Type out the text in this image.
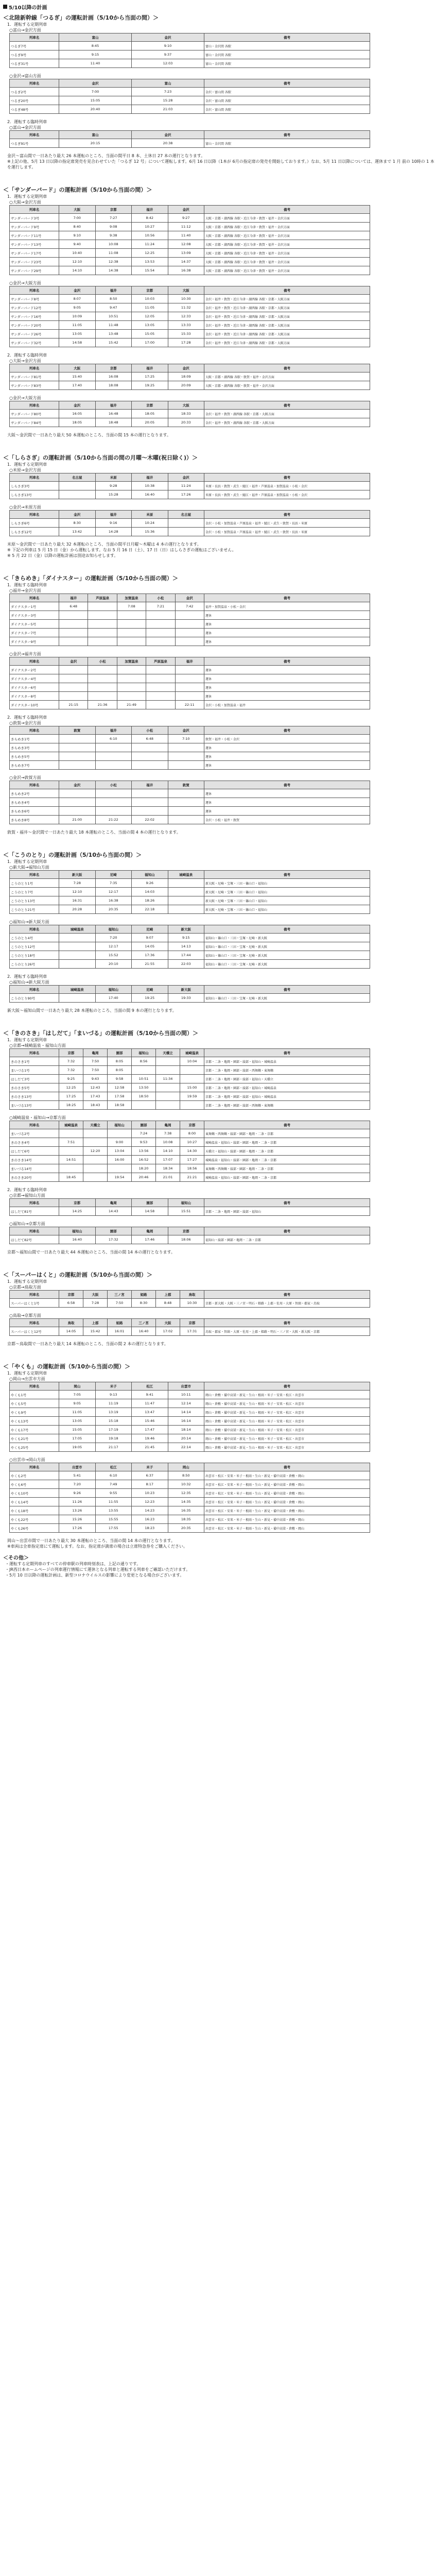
5/10以降の計画
＜北陸新幹線「つるぎ」の運転計画（5/10から当面の間）＞
1．運転する定期列車
○富山→金沢方面
列車名	富山	金沢	備考
つるぎ7号	8:45	9:10	富山・金沢間 各駅
つるぎ9号	9:15	9:37	富山・金沢間 各駅
つるぎ31号	11:40	12:03	富山・金沢間 各駅
○金沢→富山方面
列車名	金沢	富山	備考
つるぎ2号	7:00	7:23	金沢・富山間 各駅
つるぎ20号	15:05	15:28	金沢・富山間 各駅
つるぎ48号	20:40	21:03	金沢・富山間 各駅
2．運転する臨時列車
○富山→金沢方面
列車名	富山	金沢	備考
つるぎ91号	20:15	20:38	富山・金沢間 各駅
金沢〜富山間で一日あたり最大 26 本運転のところ、当面の間平日 8 本、土休日 27 本の運行となります。
※上記の他、5月 13 日以降の指定席発売を見合わせていた「つるぎ 12 号」について運転します。6月 16 日以降（1本が 6月の指定席の発売を開始しております。）なお、5月 11 日以降については、運休まで 1 月 前の 10時の 1 本を運行します。
＜「サンダーバード」の運転計画（5/10から当面の間）＞
1．運転する定期列車
○大阪→金沢方面
列車名	大阪	京都	福井	金沢	備考
サンダーバード3号	7:00	7:27	8:42	9:27	大阪・京都・湖西線 各駅・近江今津・敦賀・福井・金沢方面
サンダーバード9号	8:40	9:08	10:27	11:12	大阪・京都・湖西線 各駅・近江今津・敦賀・福井・金沢方面
サンダーバード11号	9:10	9:38	10:56	11:40	大阪・京都・湖西線 各駅・近江今津・敦賀・福井・金沢方面
サンダーバード13号	9:40	10:08	11:24	12:08	大阪・京都・湖西線 各駅・近江今津・敦賀・福井・金沢方面
サンダーバード17号	10:40	11:08	12:25	13:09	大阪・京都・湖西線 各駅・近江今津・敦賀・福井・金沢方面
サンダーバード23号	12:10	12:38	13:53	14:37	大阪・京都・湖西線 各駅・近江今津・敦賀・福井・金沢方面
サンダーバード29号	14:10	14:38	15:54	16:38	大阪・京都・湖西線 各駅・近江今津・敦賀・福井・金沢方面
○金沢→大阪方面
列車名	金沢	福井	京都	大阪	備考
サンダーバード8号	8:07	8:50	10:03	10:30	金沢・福井・敦賀・近江今津・湖西線 各駅・京都・大阪方面
サンダーバード12号	9:05	9:47	11:05	11:32	金沢・福井・敦賀・近江今津・湖西線 各駅・京都・大阪方面
サンダーバード16号	10:09	10:51	12:05	12:33	金沢・福井・敦賀・近江今津・湖西線 各駅・京都・大阪方面
サンダーバード20号	11:05	11:48	13:05	13:33	金沢・福井・敦賀・近江今津・湖西線 各駅・京都・大阪方面
サンダーバード26号	13:05	13:48	15:05	15:33	金沢・福井・敦賀・近江今津・湖西線 各駅・京都・大阪方面
サンダーバード32号	14:58	15:42	17:00	17:28	金沢・福井・敦賀・近江今津・湖西線 各駅・京都・大阪方面
2．運転する臨時列車
○大阪→金沢方面
列車名	大阪	京都	福井	金沢	備考
サンダーバード81号	15:40	16:08	17:25	18:09	大阪・京都・湖西線 各駅・敦賀・福井・金沢方面
サンダーバード83号	17:40	18:08	19:25	20:09	大阪・京都・湖西線 各駅・敦賀・福井・金沢方面
○金沢→大阪方面
列車名	金沢	福井	京都	大阪	備考
サンダーバード80号	16:05	16:48	18:05	18:33	金沢・福井・敦賀・湖西線 各駅・京都・大阪方面
サンダーバード84号	18:05	18:48	20:05	20:33	金沢・福井・敦賀・湖西線 各駅・京都・大阪方面
大阪〜金沢間で一日あたり最大 50 本運転のところ、当面の間 15 本の運行となります。
＜「しらさぎ」の運転計画（5/10から当面の間の月曜〜木曜(祝日除く)）＞
1．運転する定期列車
○米原→金沢方面
列車名	名古屋	米原	福井	金沢	備考
しらさぎ3号		9:28	10:38	11:24	米原・長浜・敦賀・武生・鯖江・福井・芦原温泉・加賀温泉・小松・金沢
しらさぎ13号		15:28	16:40	17:26	米原・長浜・敦賀・武生・鯖江・福井・芦原温泉・加賀温泉・小松・金沢
○金沢→米原方面
列車名	金沢	福井	米原	名古屋	備考
しらさぎ6号	8:30	9:16	10:24		金沢・小松・加賀温泉・芦原温泉・福井・鯖江・武生・敦賀・長浜・米原
しらさぎ12号	13:42	14:28	15:36		金沢・小松・加賀温泉・芦原温泉・福井・鯖江・武生・敦賀・長浜・米原
米原〜金沢間で一日あたり最大 32 本運転のところ、当面の間平日月曜〜木曜は 4 本の運行となります。
※ 下記の列車は 5 月 15 日（金）から運転します。なお 5 月 16 日（土）、17 日（日）はしらさぎの運転はございません。
※ 5 月 22 日（金）以降の運転計画は別途お知らせします。
＜「きらめき」「ダイナスター」の運転計画（5/10から当面の間）＞
1．運転する臨時列車
○福井→金沢方面
列車名	福井	芦原温泉	加賀温泉	小松	金沢	備考
ダイナスター1号	6:48		7:08	7:21	7:42	福井・加賀温泉・小松・金沢
ダイナスター3号						運休
ダイナスター5号						運休
ダイナスター7号						運休
ダイナスター9号						運休
○金沢→福井方面
列車名	金沢	小松	加賀温泉	芦原温泉	福井	備考
ダイナスター2号						運休
ダイナスター4号						運休
ダイナスター6号						運休
ダイナスター8号						運休
ダイナスター10号	21:15	21:36	21:49		22:11	金沢・小松・加賀温泉・福井
2．運転する臨時列車
○敦賀→金沢方面
列車名	敦賀	福井	小松	金沢	備考
きらめき1号		6:10	6:48	7:10	敦賀・福井・小松・金沢
きらめき3号					運休
きらめき5号					運休
きらめき7号					運休
○金沢→敦賀方面
列車名	金沢	小松	福井	敦賀	備考
きらめき2号					運休
きらめき4号					運休
きらめき6号					運休
きらめき8号	21:00	21:22	22:02		金沢・小松・福井・敦賀
敦賀・福井〜金沢間で一日あたり最大 18 本運転のところ、当面の間 4 本の運行となります。
＜「こうのとり」の運転計画（5/10から当面の間）＞
1．運転する定期列車
○新大阪→福知山方面
列車名	新大阪	尼崎	福知山	城崎温泉	備考
こうのとり1号	7:28	7:35	9:26		新大阪・尼崎・宝塚・三田・篠山口・福知山
こうのとり7号	12:10	12:17	14:03		新大阪・尼崎・宝塚・三田・篠山口・福知山
こうのとり13号	16:31	16:38	18:26		新大阪・尼崎・宝塚・三田・篠山口・福知山
こうのとり21号	20:28	20:35	22:18		新大阪・尼崎・宝塚・三田・篠山口・福知山
○福知山→新大阪方面
列車名	城崎温泉	福知山	尼崎	新大阪	備考
こうのとり4号		7:20	9:07	9:15	福知山・篠山口・三田・宝塚・尼崎・新大阪
こうのとり12号		12:17	14:05	14:13	福知山・篠山口・三田・宝塚・尼崎・新大阪
こうのとり18号		15:52	17:36	17:44	福知山・篠山口・三田・宝塚・尼崎・新大阪
こうのとり26号		20:10	21:55	22:03	福知山・篠山口・三田・宝塚・尼崎・新大阪
2．運転する臨時列車
○福知山→新大阪方面
列車名	城崎温泉	福知山	尼崎	新大阪	備考
こうのとり90号		17:40	19:25	19:33	福知山・篠山口・三田・宝塚・尼崎・新大阪
新大阪〜福知山間で一日あたり最大 28 本運転のところ、当面の間 9 本の運行となります。
＜「きのさき」「はしだて」「まいづる」の運転計画（5/10から当面の間）＞
1．運転する定期列車
○京都→城崎温泉・福知山方面
列車名	京都	亀岡	園部	福知山	天橋立	城崎温泉	備考
きのさき1号	7:32	7:50	8:05	8:56		10:04	京都・二条・亀岡・園部・綾部・福知山・城崎温泉
まいづる1号	7:32	7:50	8:05				京都・二条・亀岡・園部・綾部・西舞鶴・東舞鶴
はしだて3号	9:25	9:43	9:58	10:51	11:34		京都・二条・亀岡・園部・綾部・福知山・天橋立
きのさき5号	12:25	12:43	12:58	13:50		15:00	京都・二条・亀岡・園部・綾部・福知山・城崎温泉
きのさき13号	17:25	17:43	17:58	18:50		19:59	京都・二条・亀岡・園部・綾部・福知山・城崎温泉
まいづる13号	18:25	18:43	18:58				京都・二条・亀岡・園部・綾部・西舞鶴・東舞鶴
○城崎温泉・福知山→京都方面
列車名	城崎温泉	天橋立	福知山	園部	亀岡	京都	備考
まいづる2号				7:24	7:38	8:00	東舞鶴・西舞鶴・綾部・園部・亀岡・二条・京都
きのさき4号	7:51		9:00	9:53	10:08	10:27	城崎温泉・福知山・綾部・園部・亀岡・二条・京都
はしだて6号		12:20	13:04	13:56	14:10	14:30	天橋立・福知山・綾部・園部・亀岡・二条・京都
きのさき14号	14:51		16:00	16:52	17:07	17:27	城崎温泉・福知山・綾部・園部・亀岡・二条・京都
まいづる14号				18:20	18:34	18:56	東舞鶴・西舞鶴・綾部・園部・亀岡・二条・京都
きのさき20号	18:45		19:54	20:46	21:01	21:21	城崎温泉・福知山・綾部・園部・亀岡・二条・京都
2．運転する臨時列車
○京都→福知山方面
列車名	京都	亀岡	園部	福知山	備考
はしだて81号	14:25	14:43	14:58	15:51	京都・二条・亀岡・園部・綾部・福知山
○福知山→京都方面
列車名	福知山	園部	亀岡	京都	備考
はしだて82号	16:40	17:32	17:46	18:06	福知山・綾部・園部・亀岡・二条・京都
京都〜福知山間で一日あたり最大 44 本運転のところ、当面の間 14 本の運行となります。
＜「スーパーはくと」の運転計画（5/10から当面の間）＞
1．運転する定期列車
○京都→鳥取方面
列車名	京都	大阪	三ノ宮	姫路	上郡	鳥取	備考
スーパーはくと1号	6:58	7:28	7:50	8:30	8:48	10:30	京都・新大阪・大阪・三ノ宮・明石・姫路・上郡・佐用・大原・智頭・郡家・鳥取
○鳥取→京都方面
列車名	鳥取	上郡	姫路	三ノ宮	大阪	京都	備考
スーパーはくと12号	14:05	15:42	16:01	16:40	17:02	17:31	鳥取・郡家・智頭・大原・佐用・上郡・姫路・明石・三ノ宮・大阪・新大阪・京都
京都〜鳥取間で一日あたり最大 14 本運転のところ、当面の間 2 本の運行となります。
＜「やくも」の運転計画（5/10から当面の間）＞
1．運転する定期列車
○岡山→出雲市方面
列車名	岡山	米子	松江	出雲市	備考
やくも1号	7:05	9:13	9:41	10:11	岡山・倉敷・備中高梁・新見・生山・根雨・米子・安来・松江・出雲市
やくも5号	9:05	11:19	11:47	12:14	岡山・倉敷・備中高梁・新見・生山・根雨・米子・安来・松江・出雲市
やくも9号	11:05	13:19	13:47	14:14	岡山・倉敷・備中高梁・新見・生山・根雨・米子・安来・松江・出雲市
やくも13号	13:05	15:18	15:46	16:14	岡山・倉敷・備中高梁・新見・生山・根雨・米子・安来・松江・出雲市
やくも17号	15:05	17:19	17:47	18:14	岡山・倉敷・備中高梁・新見・生山・根雨・米子・安来・松江・出雲市
やくも21号	17:05	19:18	19:46	20:14	岡山・倉敷・備中高梁・新見・生山・根雨・米子・安来・松江・出雲市
やくも25号	19:05	21:17	21:45	22:14	岡山・倉敷・備中高梁・新見・生山・根雨・米子・安来・松江・出雲市
○出雲市→岡山方面
列車名	出雲市	松江	米子	岡山	備考
やくも2号	5:41	6:10	6:37	8:50	出雲市・松江・安来・米子・根雨・生山・新見・備中高梁・倉敷・岡山
やくも6号	7:20	7:49	8:17	10:32	出雲市・松江・安来・米子・根雨・生山・新見・備中高梁・倉敷・岡山
やくも10号	9:26	9:55	10:23	12:35	出雲市・松江・安来・米子・根雨・生山・新見・備中高梁・倉敷・岡山
やくも14号	11:26	11:55	12:23	14:35	出雲市・松江・安来・米子・根雨・生山・新見・備中高梁・倉敷・岡山
やくも18号	13:26	13:55	14:23	16:35	出雲市・松江・安来・米子・根雨・生山・新見・備中高梁・倉敷・岡山
やくも22号	15:26	15:55	16:23	18:35	出雲市・松江・安来・米子・根雨・生山・新見・備中高梁・倉敷・岡山
やくも26号	17:26	17:55	18:23	20:35	出雲市・松江・安来・米子・根雨・生山・新見・備中高梁・倉敷・岡山
岡山〜出雲市間で一日あたり最大 30 本運転のところ、当面の間 14 本の運行となります。
※車両は全車指定席にて運転します。なお、指定席が満席の場合は立席特急券をご購入ください。
＜その他＞
・運転する定期列車のすべての停車駅の列車時刻表は、上記の通りです。
・JR西日本ホームページの列車運行情報にて運休となる列車と運転する列車をご確認いただけます。
・5月 10 日以降の運転計画は、新型コロナウイルスの影響により変更となる場合がございます。
